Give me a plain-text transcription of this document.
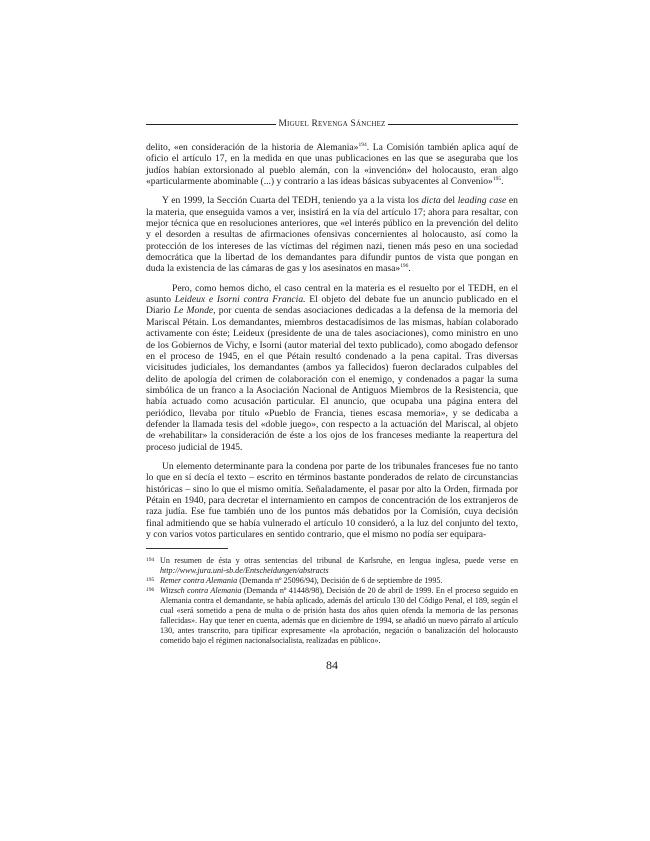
Miguel Revenga Sánchez

delito, «en consideración de la historia de Alemania»$^{194}$. La Comisión también aplica aquí de oficio el artículo 17, en la medida en que unas publicaciones en las que se aseguraba que los judíos habían extorsionado al pueblo alemán, con la «invención» del holocausto, eran algo «particularmente abominable (...) y contrario a las ideas básicas subyacentes al Convenio»$^{195}$.

Y en 1999, la Sección Cuarta del TEDH, teniendo ya a la vista los dicta del leading case en la materia, que enseguida vamos a ver, insistirá en la vía del artículo 17; ahora para resaltar, con mejor técnica que en resoluciones anteriores, que «el interés público en la prevención del delito y el desorden a resultas de afirmaciones ofensivas concernientes al holocausto, así como la protección de los intereses de las víctimas del régimen nazi, tienen más peso en una sociedad democrática que la libertad de los demandantes para difundir puntos de vista que pongan en duda la existencia de las cámaras de gas y los asesinatos en masa»$^{196}$.

Pero, como hemos dicho, el caso central en la materia es el resuelto por el TEDH, en el asunto Leideux e Isorni contra Francia. El objeto del debate fue un anuncio publicado en el Diario Le Monde, por cuenta de sendas asociaciones dedicadas a la defensa de la memoria del Mariscal Pétain. Los demandantes, miembros destacadísimos de las mismas, habían colaborado activamente con éste; Leideux (presidente de una de tales asociaciones), como ministro en uno de los Gobiernos de Vichy, e Isorni (autor material del texto publicado), como abogado defensor en el proceso de 1945, en el que Pétain resultó condenado a la pena capital. Tras diversas vicisitudes judiciales, los demandantes (ambos ya fallecidos) fueron declarados culpables del delito de apología del crimen de colaboración con el enemigo, y condenados a pagar la suma simbólica de un franco a la Asociación Nacional de Antiguos Miembros de la Resistencia, que había actuado como acusación particular. El anuncio, que ocupaba una página entera del periódico, llevaba por título «Pueblo de Francia, tienes escasa memoria», y se dedicaba a defender la llamada tesis del «doble juego», con respecto a la actuación del Mariscal, al objeto de «rehabilitar» la consideración de éste a los ojos de los franceses mediante la reapertura del proceso judicial de 1945.

Un elemento determinante para la condena por parte de los tribunales franceses fue no tanto lo que en sí decía el texto – escrito en términos bastante ponderados de relato de circunstancias históricas – sino lo que el mismo omitía. Señaladamente, el pasar por alto la Orden, firmada por Pétain en 1940, para decretar el internamiento en campos de concentración de los extranjeros de raza judía. Ese fue también uno de los puntos más debatidos por la Comisión, cuya decisión final admitiendo que se había vulnerado el artículo 10 consideró, a la luz del conjunto del texto, y con varios votos particulares en sentido contrario, que el mismo no podía ser equipara-

194 Un resumen de ésta y otras sentencias del tribunal de Karlsruhe, en lengua inglesa, puede verse en http://www.jura.uni-sb.de/Entscheidungen/abstracts
195 Remer contra Alemania (Demanda nº 25096/94), Decisión de 6 de septiembre de 1995.
196 Witzsch contra Alemania (Demanda nº 41448/98), Decisión de 20 de abril de 1999. En el proceso seguido en Alemania contra el demandante, se había aplicado, además del artículo 130 del Código Penal, el 189, según el cual «será sometido a pena de multa o de prisión hasta dos años quien ofenda la memoria de las personas fallecidas». Hay que tener en cuenta, además que en diciembre de 1994, se añadió un nuevo párrafo al artículo 130, antes transcrito, para tipificar expresamente «la aprobación, negación o banalización del holocausto cometido bajo el régimen nacionalsocialista, realizadas en público».
84
